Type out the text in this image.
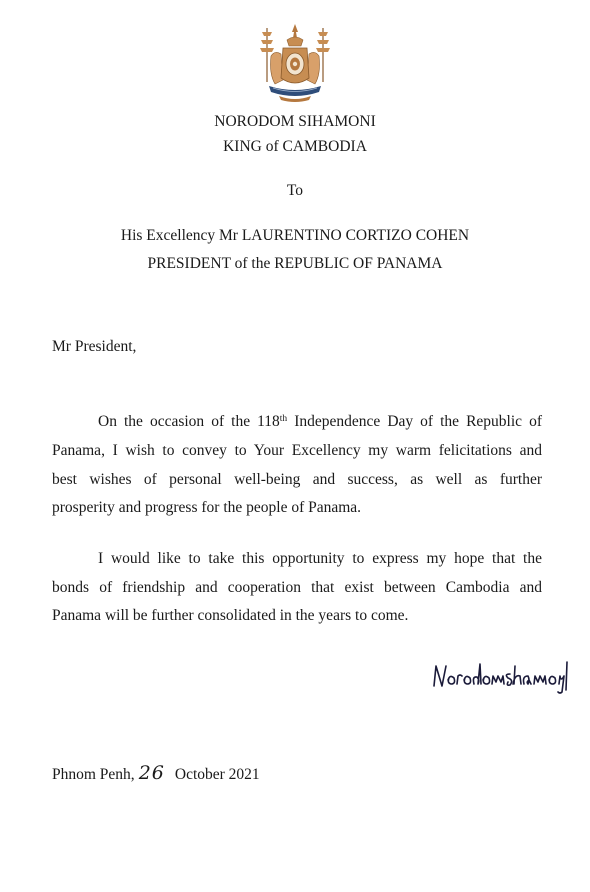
NORODOM SIHAMONI
KING of CAMBODIA
To
His Excellency Mr LAURENTINO CORTIZO COHEN
PRESIDENT of the REPUBLIC OF PANAMA
Mr President,
On the occasion of the 118th Independence Day of the Republic of
Panama, I wish to convey to Your Excellency my warm felicitations and
best wishes of personal well-being and success, as well as further
prosperity and progress for the people of Panama.
I would like to take this opportunity to express my hope that the
bonds of friendship and cooperation that exist between Cambodia and
Panama will be further consolidated in the years to come.
Phnom Penh, 26 October 2021
